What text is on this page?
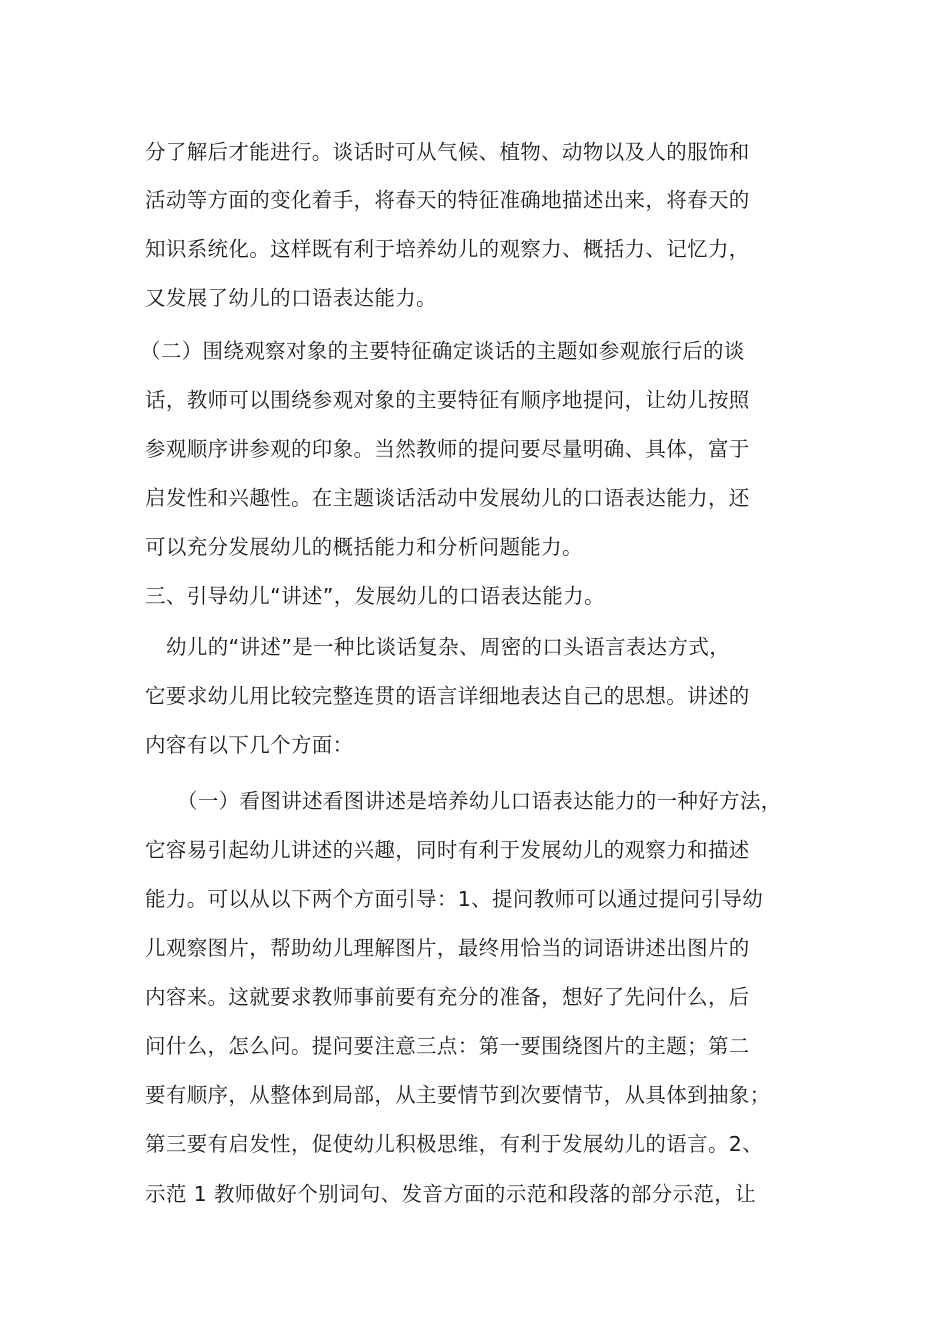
分了解后才能进行。谈话时可从气候、植物、动物以及人的服饰和
活动等方面的变化着手，将春天的特征准确地描述出来，将春天的
知识系统化。这样既有利于培养幼儿的观察力、概括力、记忆力，
又发展了幼儿的口语表达能力。
（二）围绕观察对象的主要特征确定谈话的主题如参观旅行后的谈
话，教师可以围绕参观对象的主要特征有顺序地提问，让幼儿按照
参观顺序讲参观的印象。当然教师的提问要尽量明确、具体，富于
启发性和兴趣性。在主题谈话活动中发展幼儿的口语表达能力，还
可以充分发展幼儿的概括能力和分析问题能力。
三、引导幼儿“讲述”，发展幼儿的口语表达能力。
幼儿的“讲述”是一种比谈话复杂、周密的口头语言表达方式，
它要求幼儿用比较完整连贯的语言详细地表达自己的思想。讲述的
内容有以下几个方面：
（一）看图讲述看图讲述是培养幼儿口语表达能力的一种好方法，
它容易引起幼儿讲述的兴趣，同时有利于发展幼儿的观察力和描述
能力。可以从以下两个方面引导：1、提问教师可以通过提问引导幼
儿观察图片，帮助幼儿理解图片，最终用恰当的词语讲述出图片的
内容来。这就要求教师事前要有充分的准备，想好了先问什么，后
问什么，怎么问。提问要注意三点：第一要围绕图片的主题；第二
要有顺序，从整体到局部，从主要情节到次要情节，从具体到抽象；
第三要有启发性，促使幼儿积极思维，有利于发展幼儿的语言。2、
示范 1 教师做好个别词句、发音方面的示范和段落的部分示范，让
